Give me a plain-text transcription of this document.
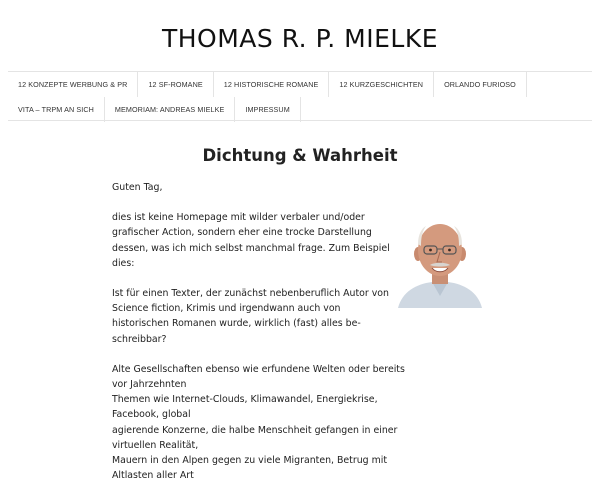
THOMAS R. P. MIELKE
12 KONZEPTE WERBUNG & PR	12 SF-ROMANE	12 HISTORISCHE ROMANE	12 KURZGESCHICHTEN	ORLANDO FURIOSO
VITA – TRPM AN SICH	MEMORIAM: ANDREAS MIELKE	IMPRESSUM
Dichtung & Wahrheit

Guten Tag,

dies ist keine Homepage mit wilder verbaler und/oder
grafischer Action, sondern eher eine trocke Darstellung
dessen, was ich mich selbst manchmal frage. Zum Beispiel
dies:

Ist für einen Texter, der zunächst nebenberuflich Autor von
Science fiction, Krimis und irgendwann auch von
historischen Romanen wurde, wirklich (fast) alles be-schreibbar?

Alte Gesellschaften ebenso wie erfundene Welten oder bereits vor Jahrzehnten
Themen wie Internet-Clouds, Klimawandel, Energiekrise, Facebook, global
agierende Konzerne, die halbe Menschheit gefangen in einer virtuellen Realität,
Mauern in den Alpen gegen zu viele Migranten, Betrug mit Altlasten aller Art
